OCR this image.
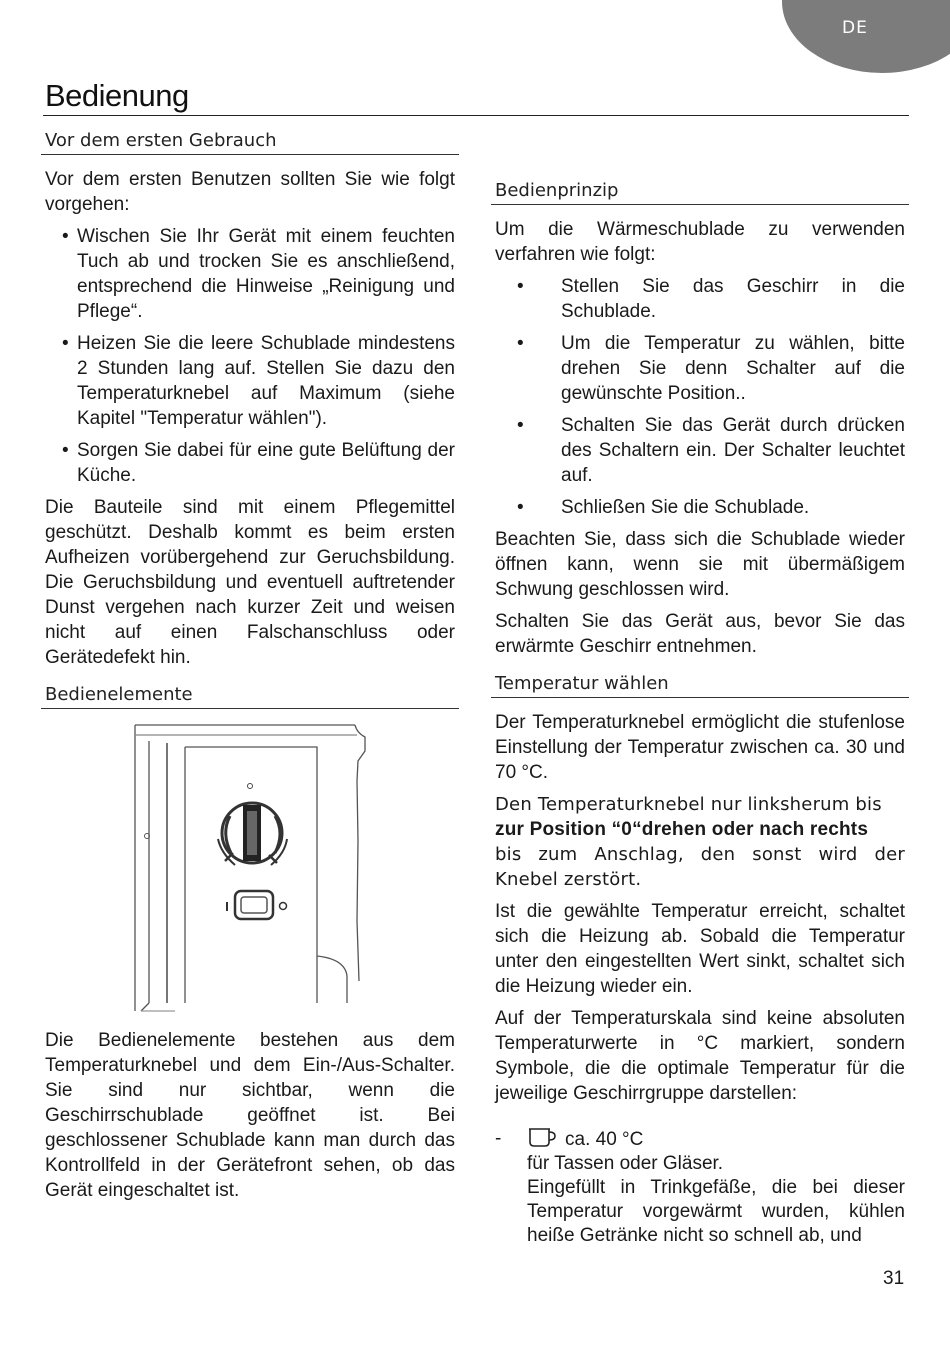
DE
Bedienung
Vor dem ersten Gebrauch

Vor dem ersten Benutzen sollten Sie wie folgt vorgehen:

• Wischen Sie Ihr Gerät mit einem feuchten Tuch ab und trocken Sie es anschließend, entsprechend die Hinweise „Reinigung und Pflege“.
• Heizen Sie die leere Schublade mindestens 2 Stunden lang auf. Stellen Sie dazu den Temperaturknebel auf Maximum (siehe Kapitel "Temperatur wählen").
• Sorgen Sie dabei für eine gute Belüftung der Küche.

Die Bauteile sind mit einem Pflegemittel geschützt. Deshalb kommt es beim ersten Aufheizen vorübergehend zur Geruchsbildung. Die Geruchsbildung und eventuell auftretender Dunst vergehen nach kurzer Zeit und weisen nicht auf einen Falschanschluss oder Gerätedefekt hin.

Bedienelemente

Die Bedienelemente bestehen aus dem Temperaturknebel und dem Ein-/Aus-Schalter. Sie sind nur sichtbar, wenn die Geschirrschublade geöffnet ist. Bei geschlossener Schublade kann man durch das Kontrollfeld in der Gerätefront sehen, ob das Gerät eingeschaltet ist.

Bedienprinzip

Um die Wärmeschublade zu verwenden verfahren wie folgt:

• Stellen Sie das Geschirr in die Schublade.
• Um die Temperatur zu wählen, bitte drehen Sie denn Schalter auf die gewünschte Position..
• Schalten Sie das Gerät durch drücken des Schaltern ein. Der Schalter leuchtet auf.
• Schließen Sie die Schublade.

Beachten Sie, dass sich die Schublade wieder öffnen kann, wenn sie mit übermäßigem Schwung geschlossen wird.

Schalten Sie das Gerät aus, bevor Sie das erwärmte Geschirr entnehmen.

Temperatur wählen

Der Temperaturknebel ermöglicht die stufenlose Einstellung der Temperatur zwischen ca. 30 und 70 °C.

Den Temperaturknebel nur linksherum bis
zur Position “0“drehen oder nach rechts
bis zum Anschlag, den sonst wird der Knebel zerstört.

Ist die gewählte Temperatur erreicht, schaltet sich die Heizung ab. Sobald die Temperatur unter den eingestellten Wert sinkt, schaltet sich die Heizung wieder ein.

Auf der Temperaturskala sind keine absoluten Temperaturwerte in °C markiert, sondern Symbole, die die optimale Temperatur für die jeweilige Geschirrgruppe darstellen:

-	ca. 40 °C

für Tassen oder Gläser.

Eingefüllt in Trinkgefäße, die bei dieser Temperatur vorgewärmt wurden, kühlen heiße Getränke nicht so schnell ab, und

31
